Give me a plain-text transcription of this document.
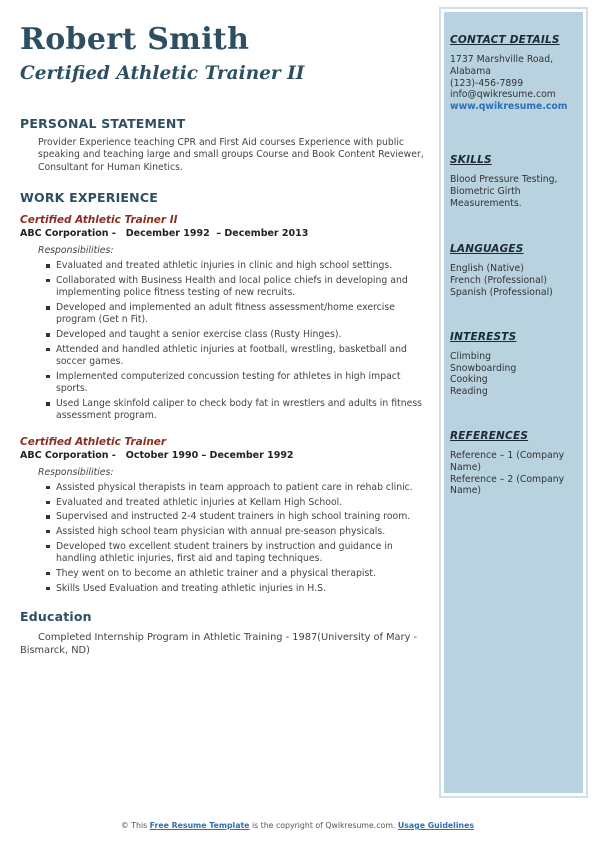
Robert Smith
Certified Athletic Trainer II
PERSONAL STATEMENT
Provider Experience teaching CPR and First Aid courses Experience with public speaking and teaching large and small groups Course and Book Content Reviewer, Consultant for Human Kinetics.
WORK EXPERIENCE
Certified Athletic Trainer II
ABC Corporation -   December 1992  – December 2013
Responsibilities:
Evaluated and treated athletic injuries in clinic and high school settings.
Collaborated with Business Health and local police chiefs in developing and implementing police fitness testing of new recruits.
Developed and implemented an adult fitness assessment/home exercise program (Get n Fit).
Developed and taught a senior exercise class (Rusty Hinges).
Attended and handled athletic injuries at football, wrestling, basketball and soccer games.
Implemented computerized concussion testing for athletes in high impact sports.
Used Lange skinfold caliper to check body fat in wrestlers and adults in fitness assessment program.
Certified Athletic Trainer
ABC Corporation -   October 1990 – December 1992
Responsibilities:
Assisted physical therapists in team approach to patient care in rehab clinic.
Evaluated and treated athletic injuries at Kellam High School.
Supervised and instructed 2-4 student trainers in high school training room.
Assisted high school team physician with annual pre-season physicals.
Developed two excellent student trainers by instruction and guidance in handling athletic injuries, first aid and taping techniques.
They went on to become an athletic trainer and a physical therapist.
Skills Used Evaluation and treating athletic injuries in H.S.
Education
Completed Internship Program in Athletic Training - 1987(University of Mary - Bismarck, ND)
CONTACT DETAILS
1737 Marshville Road, Alabama
(123)-456-7899
info@qwikresume.com
www.qwikresume.com
SKILLS
Blood Pressure Testing, Biometric Girth Measurements.
LANGUAGES
English (Native)
French (Professional)
Spanish (Professional)
INTERESTS
Climbing
Snowboarding
Cooking
Reading
REFERENCES
Reference – 1 (Company Name)
Reference – 2 (Company Name)
© This Free Resume Template is the copyright of Qwikresume.com. Usage Guidelines
